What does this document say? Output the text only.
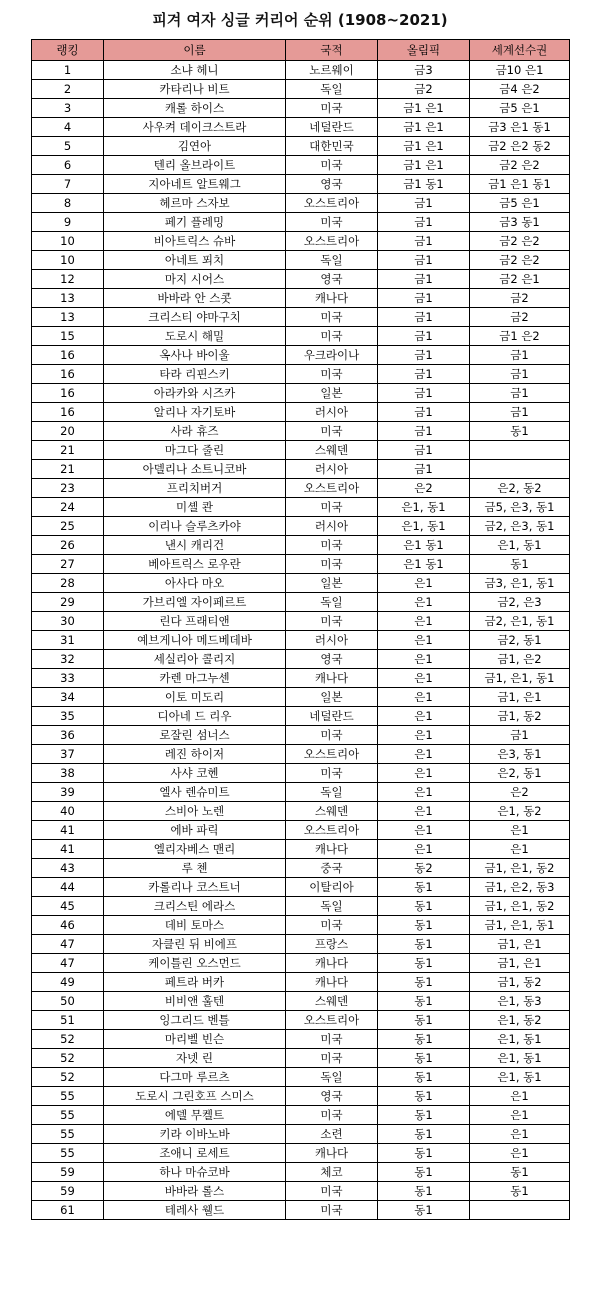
피겨 여자 싱글 커리어 순위 (1908~2021)
랭킹	이름	국적	올림픽	세계선수권
1	소냐 헤니	노르웨이	금3	금10 은1
2	카타리나 비트	독일	금2	금4 은2
3	캐롤 하이스	미국	금1 은1	금5 은1
4	사우켜 데이크스트라	네덜란드	금1 은1	금3 은1 동1
5	김연아	대한민국	금1 은1	금2 은2 동2
6	텐리 올브라이트	미국	금1 은1	금2 은2
7	지아네트 알트웨그	영국	금1 동1	금1 은1 동1
8	헤르마 스자보	오스트리아	금1	금5 은1
9	페기 플레밍	미국	금1	금3 동1
10	비아트릭스 슈바	오스트리아	금1	금2 은2
10	아네트 푀치	독일	금1	금2 은2
12	마지 시어스	영국	금1	금2 은1
13	바바라 안 스콧	캐나다	금1	금2
13	크리스티 야마구치	미국	금1	금2
15	도로시 해밀	미국	금1	금1 은2
16	옥사나 바이울	우크라이나	금1	금1
16	타라 리핀스키	미국	금1	금1
16	아라카와 시즈카	일본	금1	금1
16	알리나 자기토바	러시아	금1	금1
20	사라 휴즈	미국	금1	동1
21	마그다 줄린	스웨덴	금1	
21	아델리나 소트니코바	러시아	금1	
23	프리치버거	오스트리아	은2	은2, 동2
24	미셸 콴	미국	은1, 동1	금5, 은3, 동1
25	이리나 슬루츠카야	러시아	은1, 동1	금2, 은3, 동1
26	낸시 캐리건	미국	은1 동1	은1, 동1
27	베아트릭스 로우란	미국	은1 동1	동1
28	아사다 마오	일본	은1	금3, 은1, 동1
29	가브리엘 자이페르트	독일	은1	금2, 은3
30	린다 프래티앤	미국	은1	금2, 은1, 동1
31	예브게니아 메드베데바	러시아	은1	금2, 동1
32	세실리아 콜리지	영국	은1	금1, 은2
33	카렌 마그누센	캐나다	은1	금1, 은1, 동1
34	이토 미도리	일본	은1	금1, 은1
35	디아네 드 리우	네덜란드	은1	금1, 동2
36	로잘린 섬너스	미국	은1	금1
37	레진 하이저	오스트리아	은1	은3, 동1
38	사샤 코헨	미국	은1	은2, 동1
39	엘사 렌슈미트	독일	은1	은2
40	스비아 노렌	스웨덴	은1	은1, 동2
41	에바 파릭	오스트리아	은1	은1
41	엘리자베스 맨리	캐나다	은1	은1
43	루 첸	중국	동2	금1, 은1, 동2
44	카롤리나 코스트너	이탈리아	동1	금1, 은2, 동3
45	크리스틴 에라스	독일	동1	금1, 은1, 동2
46	데비 토마스	미국	동1	금1, 은1, 동1
47	자클린 뒤 비에프	프랑스	동1	금1, 은1
47	케이틀린 오스먼드	캐나다	동1	금1, 은1
49	페트라 버카	캐나다	동1	금1, 동2
50	비비앤 훌텐	스웨덴	동1	은1, 동3
51	잉그리드 벤틀	오스트리아	동1	은1, 동2
52	마리벨 빈슨	미국	동1	은1, 동1
52	자넷 린	미국	동1	은1, 동1
52	다그마 루르츠	독일	동1	은1, 동1
55	도로시 그린호프 스미스	영국	동1	은1
55	에델 무켈트	미국	동1	은1
55	키라 이바노바	소련	동1	은1
55	조애니 로세트	캐나다	동1	은1
59	하나 마슈코바	체코	동1	동1
59	바바라 롤스	미국	동1	동1
61	테레사 웰드	미국	동1	
